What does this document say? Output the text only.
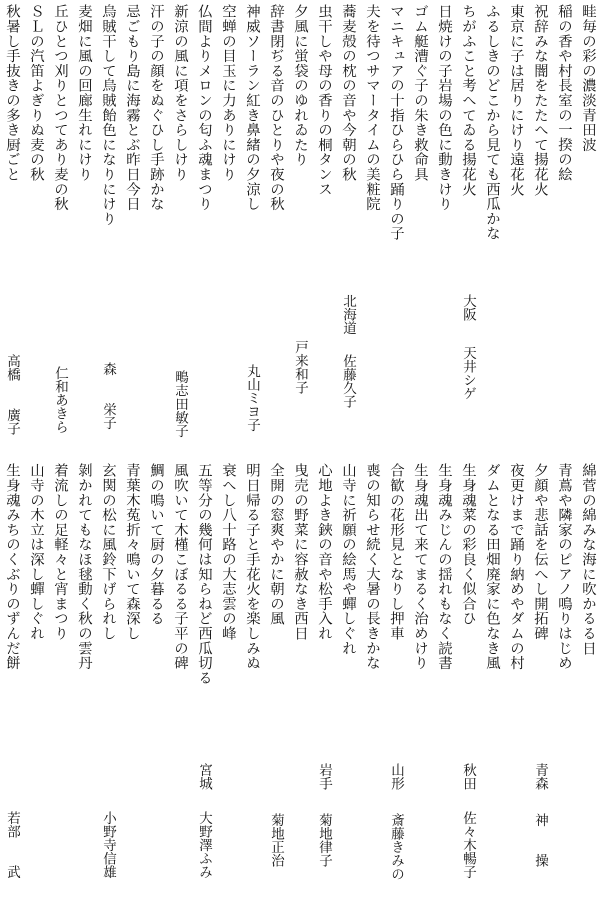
畦毎の彩の濃淡青田波
稲の香や村長室の一揆の絵
祝辞みな闇をたたへて揚花火
東京に子は居りにけり遠花火
ふるしきのどこから見ても西瓜かな
ちがふこと考へてゐる揚花火
大阪
天井シゲ
日焼けの子岩場の色に動きけり
ゴム艇漕ぐ子の朱き救命具
マニキュアの十指ひらひら踊りの子
夫を待つサマータイムの美粧院
蕎麦殻の枕の音や今朝の秋
北海道
佐藤久子
虫干しや母の香りの桐タンス
夕風に蛍袋のゆれゐたり
戸来和子
辞書閉ぢる音のひとりや夜の秋
神威ソーラン紅き鼻緒の夕涼し
丸山ミヨ子
空蝉の目玉に力ありにけり
仏間よりメロンの匂ふ魂まつり
新涼の風に項をさらしけり
鴫志田敏子
汗の子の顔をぬぐひし手跡かな
忌ごもり島に海霧とぶ昨日今日
烏賊干して烏賊飴色になりにけり
森　　栄子
麦畑に風の回廊生れにけり
丘ひとつ刈りとつてあり麦の秋
仁和あきら
ＳＬの汽笛よぎりぬ麦の秋
秋暑し手抜きの多き厨ごと
高橋　　廣子
綿菅の綿みな海に吹かるる日
青蔦や隣家のピアノ鳴りはじめ
夕顔や悲話を伝へし開拓碑
青森
神　　操
夜更けまで踊り納めやダムの村
ダムとなる田畑廃家に色なき風
生身魂菜の彩良く似合ひ
秋田
佐々木暢子
生身魂みじんの揺れもなく読書
生身魂出て来てまるく治めけり
合歓の花形見となりし押車
山形
斎藤きみの
喪の知らせ続く大暑の長きかな
山寺に祈願の絵馬や蟬しぐれ
心地よき鋏の音や松手入れ
岩手
菊地律子
曳売の野菜に容赦なき西日
全開の窓爽やかに朝の風
菊地正治
明日帰る子と手花火を楽しみぬ
衰へし八十路の大志雲の峰
五等分の幾何は知らねど西瓜切る
宮城
大野澤ふみ
風吹いて木槿こぼるる子平の碑
鯛の鳴いて厨の夕暮るる
青葉木菟折々鳴いて森深し
玄関の松に風鈴下げられし
小野寺信雄
剝かれてもなほ毬動く秋の雲丹
着流しの足軽々と宵まつり
山寺の木立は深し蟬しぐれ
生身魂みちのくぶりのずんだ餅
若部　　武
